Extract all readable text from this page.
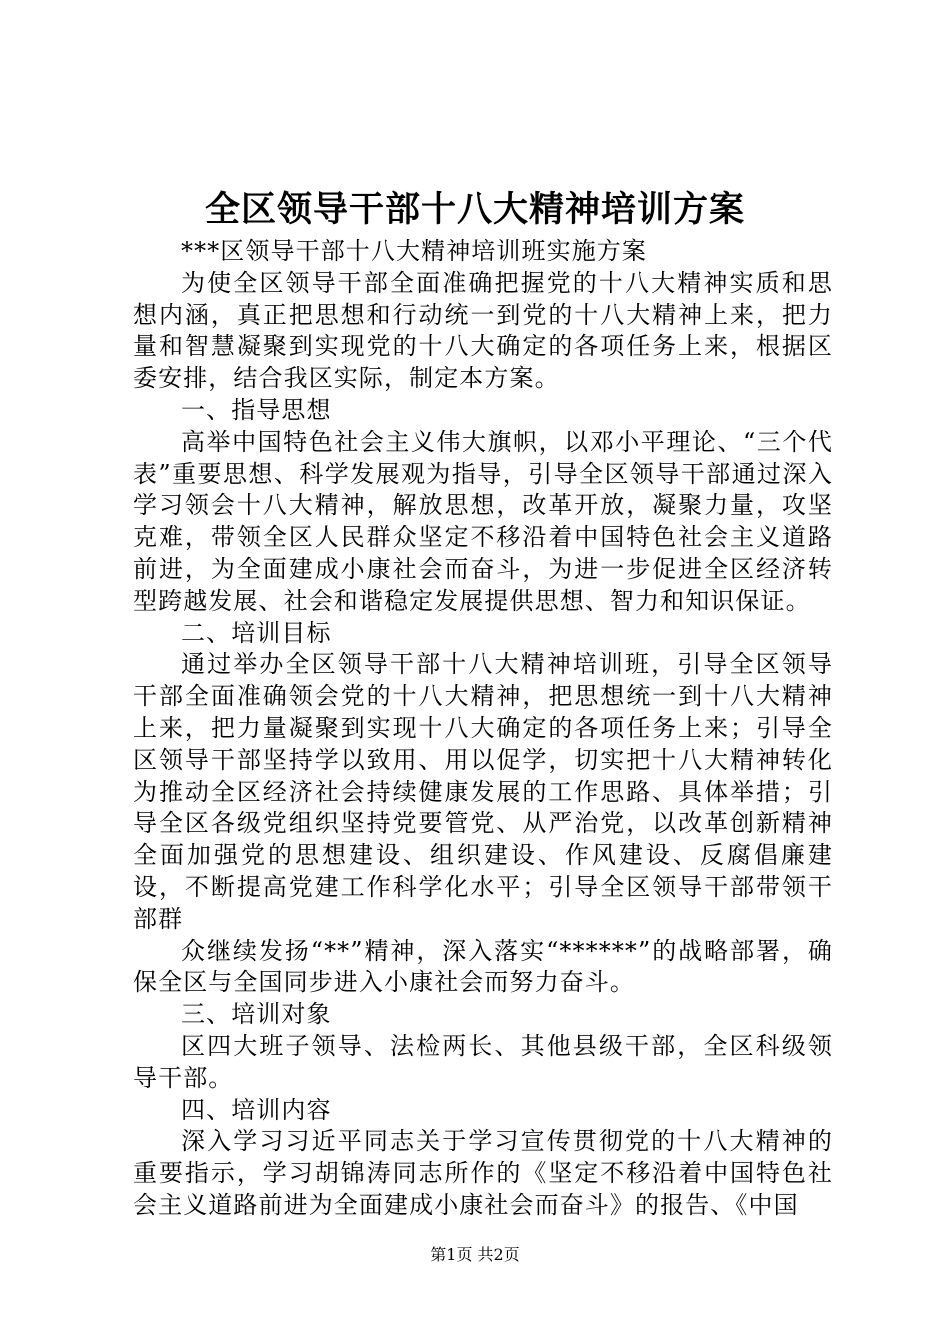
全区领导干部十八大精神培训方案

***区领导干部十八大精神培训班实施方案

为使全区领导干部全面准确把握党的十八大精神实质和思想内涵，真正把思想和行动统一到党的十八大精神上来，把力量和智慧凝聚到实现党的十八大确定的各项任务上来，根据区委安排，结合我区实际，制定本方案。

一、指导思想

高举中国特色社会主义伟大旗帜，以邓小平理论、“三个代表”重要思想、科学发展观为指导，引导全区领导干部通过深入学习领会十八大精神，解放思想，改革开放，凝聚力量，攻坚克难，带领全区人民群众坚定不移沿着中国特色社会主义道路前进，为全面建成小康社会而奋斗，为进一步促进全区经济转型跨越发展、社会和谐稳定发展提供思想、智力和知识保证。

二、培训目标

通过举办全区领导干部十八大精神培训班，引导全区领导干部全面准确领会党的十八大精神，把思想统一到十八大精神上来，把力量凝聚到实现十八大确定的各项任务上来；引导全区领导干部坚持学以致用、用以促学，切实把十八大精神转化为推动全区经济社会持续健康发展的工作思路、具体举措；引导全区各级党组织坚持党要管党、从严治党，以改革创新精神全面加强党的思想建设、组织建设、作风建设、反腐倡廉建设，不断提高党建工作科学化水平；引导全区领导干部带领干部群

众继续发扬“**”精神，深入落实“******”的战略部署，确保全区与全国同步进入小康社会而努力奋斗。

三、培训对象

区四大班子领导、法检两长、其他县级干部，全区科级领导干部。

四、培训内容

深入学习习近平同志关于学习宣传贯彻党的十八大精神的重要指示，学习胡锦涛同志所作的《坚定不移沿着中国特色社会主义道路前进为全面建成小康社会而奋斗》的报告、《中国

第1页 共2页
